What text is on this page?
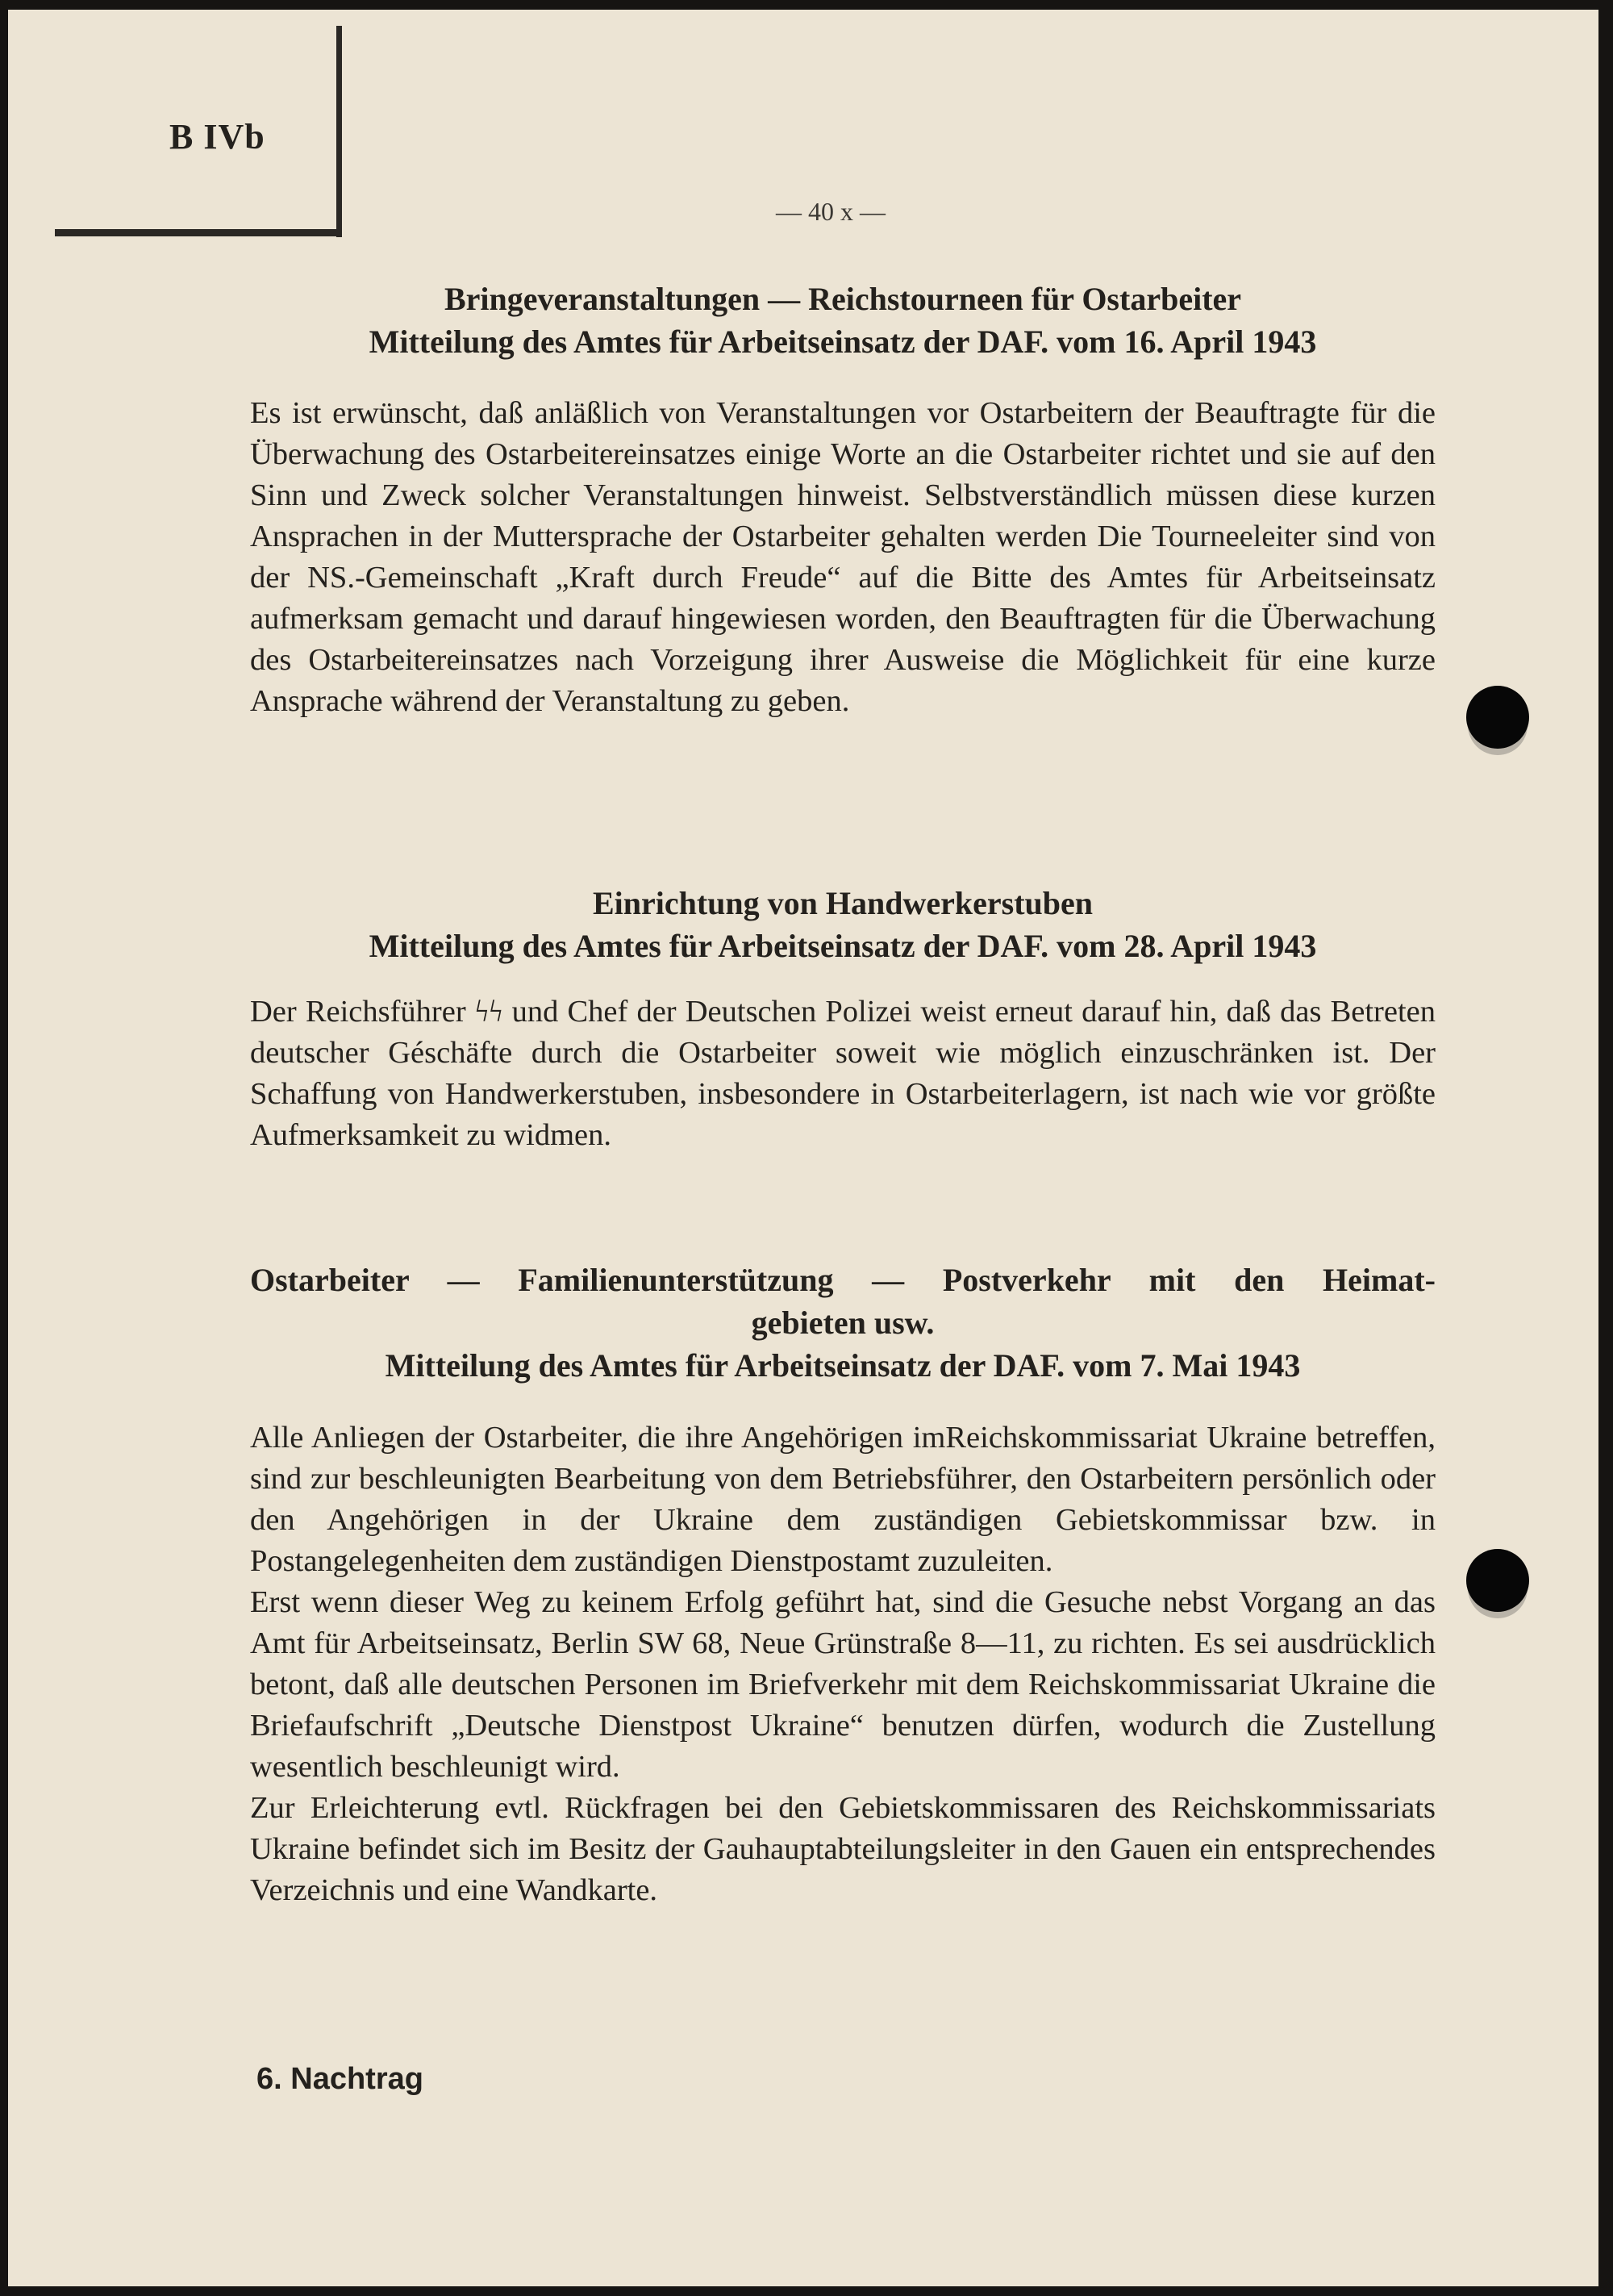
B IVb
— 40 x —
Bringeveranstaltungen — Reichstourneen für Ostarbeiter
Mitteilung des Amtes für Arbeitseinsatz der DAF. vom 16. April 1943

Es ist erwünscht, daß anläßlich von Veranstaltungen vor Ostarbeitern der Beauftragte für die Überwachung des Ostarbeitereinsatzes einige Worte an die Ostarbeiter richtet und sie auf den Sinn und Zweck solcher Veranstaltungen hinweist. Selbstverständlich müssen diese kurzen Ansprachen in der Muttersprache der Ostarbeiter gehalten werden Die Tourneeleiter sind von der NS.-Gemeinschaft „Kraft durch Freude“ auf die Bitte des Amtes für Arbeitseinsatz aufmerksam gemacht und darauf hingewiesen worden, den Beauftragten für die Überwachung des Ostarbeitereinsatzes nach Vorzeigung ihrer Ausweise die Möglichkeit für eine kurze Ansprache während der Veranstaltung zu geben.

Einrichtung von Handwerkerstuben
Mitteilung des Amtes für Arbeitseinsatz der DAF. vom 28. April 1943

Der Reichsführer ϟϟ und Chef der Deutschen Polizei weist erneut darauf hin, daß das Betreten deutscher Géschäfte durch die Ostarbeiter soweit wie möglich einzuschränken ist. Der Schaffung von Handwerkerstuben, insbesondere in Ostarbeiterlagern, ist nach wie vor größte Aufmerksamkeit zu widmen.

Ostarbeiter — Familienunterstützung — Postverkehr mit den Heimat-
gebieten usw.
Mitteilung des Amtes für Arbeitseinsatz der DAF. vom 7. Mai 1943

Alle Anliegen der Ostarbeiter, die ihre Angehörigen imReichskommissariat Ukraine betreffen, sind zur beschleunigten Bearbeitung von dem Betriebsführer, den Ostarbeitern persönlich oder den Angehörigen in der Ukraine dem zuständigen Gebietskommissar bzw. in Postangelegenheiten dem zuständigen Dienstpostamt zuzuleiten.

Erst wenn dieser Weg zu keinem Erfolg geführt hat, sind die Gesuche nebst Vorgang an das Amt für Arbeitseinsatz, Berlin SW 68, Neue Grünstraße 8—11, zu richten. Es sei ausdrücklich betont, daß alle deutschen Personen im Briefverkehr mit dem Reichskommissariat Ukraine die Briefaufschrift „Deutsche Dienstpost Ukraine“ benutzen dürfen, wodurch die Zustellung wesentlich beschleunigt wird.

Zur Erleichterung evtl. Rückfragen bei den Gebietskommissaren des Reichskommissariats Ukraine befindet sich im Besitz der Gauhauptabteilungsleiter in den Gauen ein entsprechendes Verzeichnis und eine Wandkarte.

6. Nachtrag
